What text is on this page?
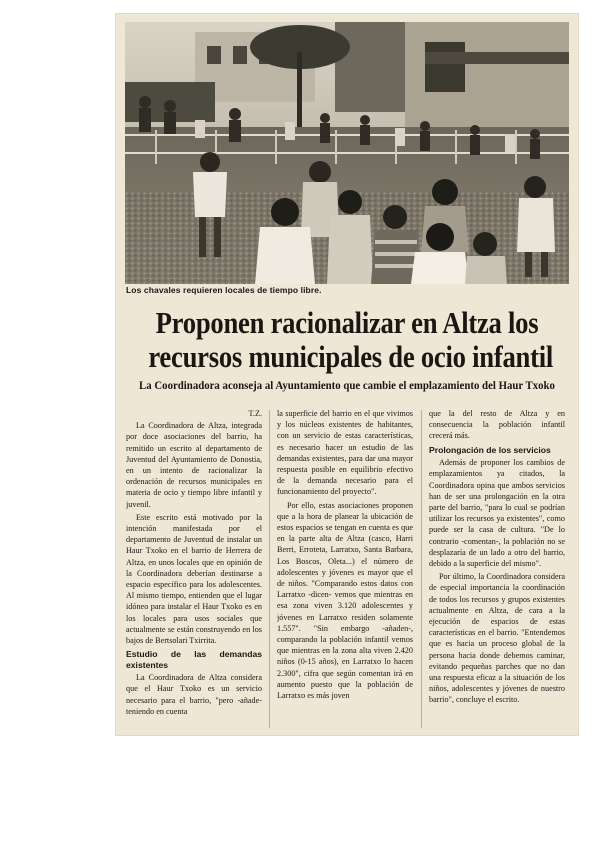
Los chavales requieren locales de tiempo libre.
Proponen racionalizar en Altza los
recursos municipales de ocio infantil
La Coordinadora aconseja al Ayuntamiento que cambie el emplazamiento del Haur Txoko

T.Z.

La Coordinadora de Altza, integrada por doce asociaciones del barrio, ha remitido un escrito al departamento de Juventud del Ayuntamiento de Donostia, en un intento de racionalizar la ordenación de recursos municipales en materia de ocio y tiempo libre infantil y juvenil.

Este escrito está motivado por la intención manifestada por el departamento de Juventud de instalar un Haur Txoko en el barrio de Herrera de Altza, en unos locales que en opinión de la Coordinadora deberían destinarse a espacio específico para los adolescentes. Al mismo tiempo, entienden que el lugar idóneo para instalar el Haur Txoko es en los locales para usos sociales que actualmente se están construyendo en los bajos de Bertsolari Txirrita.

Estudio de las demandas existentes

La Coordinadora de Altza considera que el Haur Txoko es un servicio necesario para el barrio, "pero -añade- teniendo en cuenta

la superficie del barrio en el que vivimos y los núcleos existentes de habitantes, con un servicio de estas características, es necesario hacer un estudio de las demandas existentes, para dar una mayor respuesta posible en equilibrio efectivo de la demanda necesario para el funcionamiento del proyecto".

Por ello, estas asociaciones proponen que a la hora de planear la ubicación de estos espacios se tengan en cuenta es que en la parte alta de Altza (casco, Harri Berri, Erroteta, Larratxo, Santa Barbara, Los Boscos, Oleta...) el número de adolescentes y jóvenes es mayor que el de niños. "Comparando estos datos con Larratxo -dicen- vemos que mientras en esa zona viven 3.120 adolescentes y jóvenes en Larratxo residen solamente 1.557". "Sin embargo -añaden-, comparando la población infantil vemos que mientras en la zona alta viven 2.420 niños (0-15 años), en Larratxo lo hacen 2.300", cifra que según comentan irá en aumento puesto que la población de Larratxo es más joven

que la del resto de Altza y en consecuencia la población infantil crecerá más.

Prolongación de los servicios

Además de proponer los cambios de emplazamientos ya citados, la Coordinadora opina que ambos servicios han de ser una prolongación en la otra parte del barrio, "para lo cual se podrían utilizar los recursos ya existentes", como puede ser la casa de cultura. "De lo contrario -comentan-, la población no se desplazaría de un lado a otro del barrio, debido a la superficie del mismo".

Por último, la Coordinadora considera de especial importancia la coordinación de todos los recursos y grupos existentes actualmente en Altza, de cara a la ejecución de espacios de estas características en el barrio. "Entendemos que es hacia un proceso global de la persona hacia donde debemos caminar, evitando pequeñas parches que no dan una respuesta eficaz a la situación de los niños, adolescentes y jóvenes de nuestro barrio", concluye el escrito.
